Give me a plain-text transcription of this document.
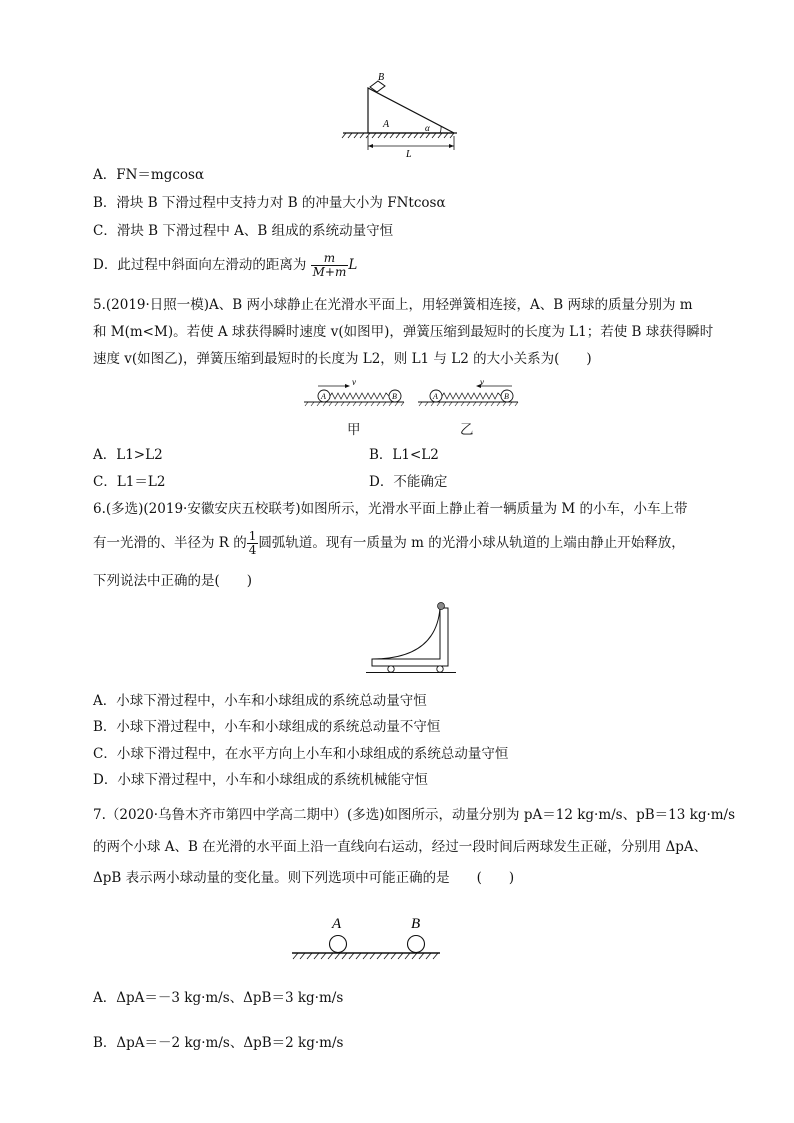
B
A	α
L
A．FN＝mgcosα
B．滑块 B 下滑过程中支持力对 B 的冲量大小为 FNtcosα
C．滑块 B 下滑过程中 A、B 组成的系统动量守恒
D．此过程中斜面向左滑动的距离为 $\frac{m}{M+m}$ L
5.(2019·日照一模)A、B 两小球静止在光滑水平面上，用轻弹簧相连接，A、B 两球的质量分别为 m
和 M(m<M)。若使 A 球获得瞬时速度 v(如图甲)，弹簧压缩到最短时的长度为 L1；若使 B 球获得瞬时
速度 v(如图乙)，弹簧压缩到最短时的长度为 L2，则 L1 与 L2 的大小关系为(　　)
v
A	B
v
A	B
甲	乙
A．L1>L2	B．L1<L2
C．L1＝L2	D．不能确定
6.(多选)(2019·安徽安庆五校联考)如图所示，光滑水平面上静止着一辆质量为 M 的小车，小车上带
有一光滑的、半径为 R 的 $\frac{1}{4}$ 圆弧轨道。现有一质量为 m 的光滑小球从轨道的上端由静止开始释放，
下列说法中正确的是(　　)
A．小球下滑过程中，小车和小球组成的系统总动量守恒
B．小球下滑过程中，小车和小球组成的系统总动量不守恒
C．小球下滑过程中，在水平方向上小车和小球组成的系统总动量守恒
D．小球下滑过程中，小车和小球组成的系统机械能守恒
7.（2020·乌鲁木齐市第四中学高二期中）(多选)如图所示，动量分别为 pA＝12 kg·m/s、pB＝13 kg·m/s
的两个小球 A、B 在光滑的水平面上沿一直线向右运动，经过一段时间后两球发生正碰，分别用 ΔpA、
ΔpB 表示两小球动量的变化量。则下列选项中可能正确的是　　(　　)
A	B
A．ΔpA＝－3 kg·m/s、ΔpB＝3 kg·m/s
B．ΔpA＝－2 kg·m/s、ΔpB＝2 kg·m/s
